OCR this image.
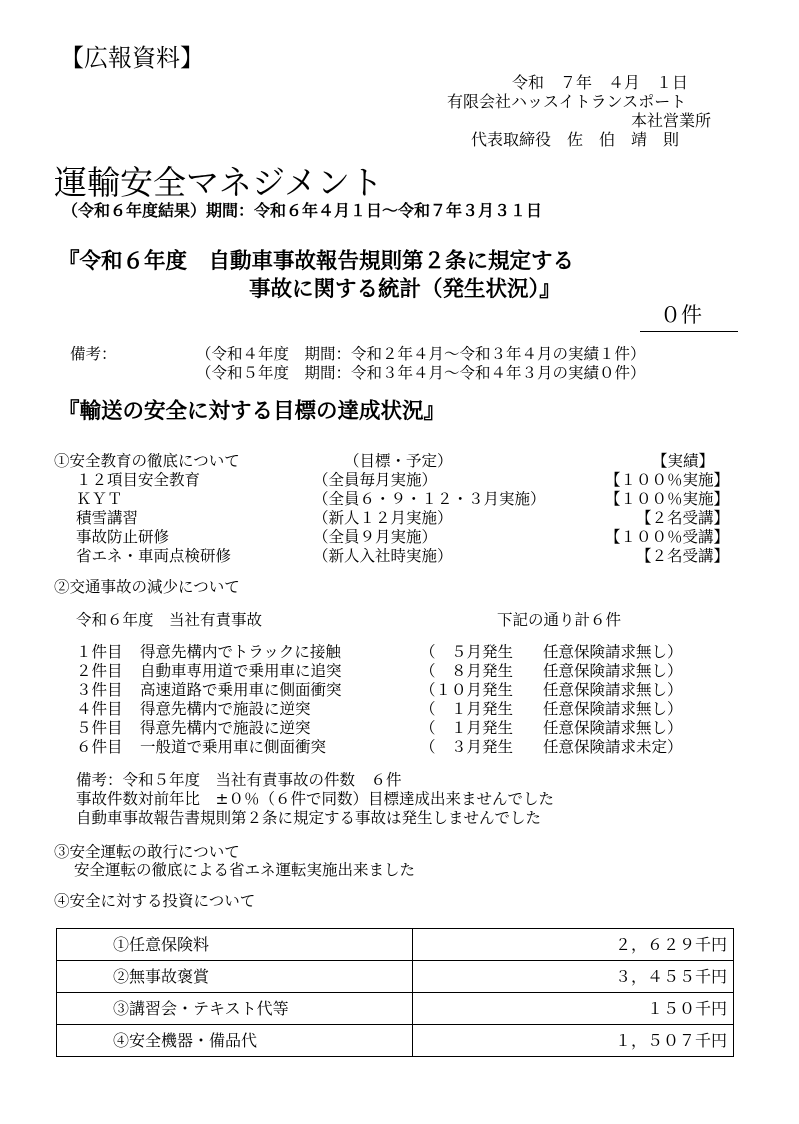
【広報資料】
令和　７年　４月　１日
有限会社ハッスイトランスポート
本社営業所
代表取締役　佐　伯　靖　則
運輸安全マネジメント
（令和６年度結果）期間：令和６年４月１日～令和７年３月３１日
『令和６年度　自動車事故報告規則第２条に規定する
事故に関する統計（発生状況）』
０件
備考：	（令和４年度　期間：令和２年４月～令和３年４月の実績１件）
（令和５年度　期間：令和３年４月～令和４年３月の実績０件）
『輸送の安全に対する目標の達成状況』
①安全教育の徹底について	（目標・予定）	【実績】
１２項目安全教育	（全員毎月実施）	【１００％実施】
ＫＹＴ	（全員６・９・１２・３月実施）	【１００％実施】
積雪講習	（新人１２月実施）	【２名受講】
事故防止研修	（全員９月実施）	【１００％受講】
省エネ・車両点検研修	（新人入社時実施）	【２名受講】
②交通事故の減少について
令和６年度　当社有責事故	下記の通り計６件
１件目 得意先構内でトラックに接触	（　５月発生 任意保険請求無し）
２件目 自動車専用道で乗用車に追突	（　８月発生 任意保険請求無し）
３件目 高速道路で乗用車に側面衝突	（１０月発生 任意保険請求無し）
４件目 得意先構内で施設に逆突	（　１月発生 任意保険請求無し）
５件目 得意先構内で施設に逆突	（　１月発生 任意保険請求無し）
６件目 一般道で乗用車に側面衝突	（　３月発生 任意保険請求未定）
備考：令和５年度　当社有責事故の件数　６件
事故件数対前年比　±０％（６件で同数）目標達成出来ませんでした
自動車事故報告書規則第２条に規定する事故は発生しませんでした
③安全運転の敢行について
安全運転の徹底による省エネ運転実施出来ました
④安全に対する投資について
①任意保険料	２，６２９千円
②無事故褒賞	３，４５５千円
③講習会・テキスト代等	１５０千円
④安全機器・備品代	１，５０７千円
